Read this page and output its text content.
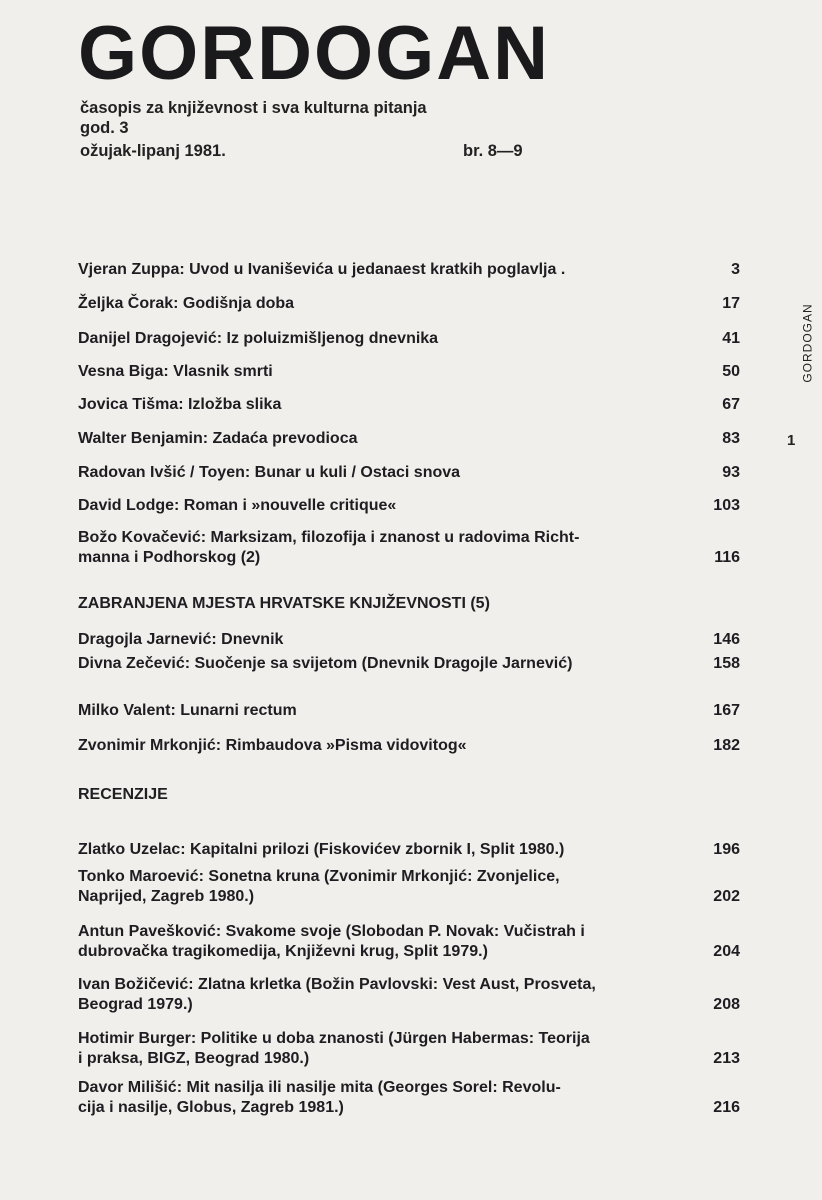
GORDOGAN
časopis za književnost i sva kulturna pitanja
god. 3
ožujak-lipanj 1981.	br. 8—9
GORDOGAN
1
Vjeran Zuppa: Uvod u Ivaniševića u jedanaest kratkih poglavlja .	3
Željka Čorak: Godišnja doba	17
Danijel Dragojević: Iz poluizmišljenog dnevnika	41
Vesna Biga: Vlasnik smrti	50
Jovica Tišma: Izložba slika	67
Walter Benjamin: Zadaća prevodioca	83
Radovan Ivšić / Toyen: Bunar u kuli / Ostaci snova	93
David Lodge: Roman i »nouvelle critique«	103
Božo Kovačević: Marksizam, filozofija i znanost u radovima Richt-
manna i Podhorskog (2)	116
ZABRANJENA MJESTA HRVATSKE KNJIŽEVNOSTI (5)
Dragojla Jarnević: Dnevnik	146
Divna Zečević: Suočenje sa svijetom (Dnevnik Dragojle Jarnević)	158
Milko Valent: Lunarni rectum	167
Zvonimir Mrkonjić: Rimbaudova »Pisma vidovitog«	182
RECENZIJE
Zlatko Uzelac: Kapitalni prilozi (Fiskovićev zbornik I, Split 1980.)	196
Tonko Maroević: Sonetna kruna (Zvonimir Mrkonjić: Zvonjelice,
Naprijed, Zagreb 1980.)	202
Antun Pavešković: Svakome svoje (Slobodan P. Novak: Vučistrah i
dubrovačka tragikomedija, Književni krug, Split 1979.)	204
Ivan Božičević: Zlatna krletka (Božin Pavlovski: Vest Aust, Prosveta,
Beograd 1979.)	208
Hotimir Burger: Politike u doba znanosti (Jürgen Habermas: Teorija
i praksa, BIGZ, Beograd 1980.)	213
Davor Milišić: Mit nasilja ili nasilje mita (Georges Sorel: Revolu-
cija i nasilje, Globus, Zagreb 1981.)	216
